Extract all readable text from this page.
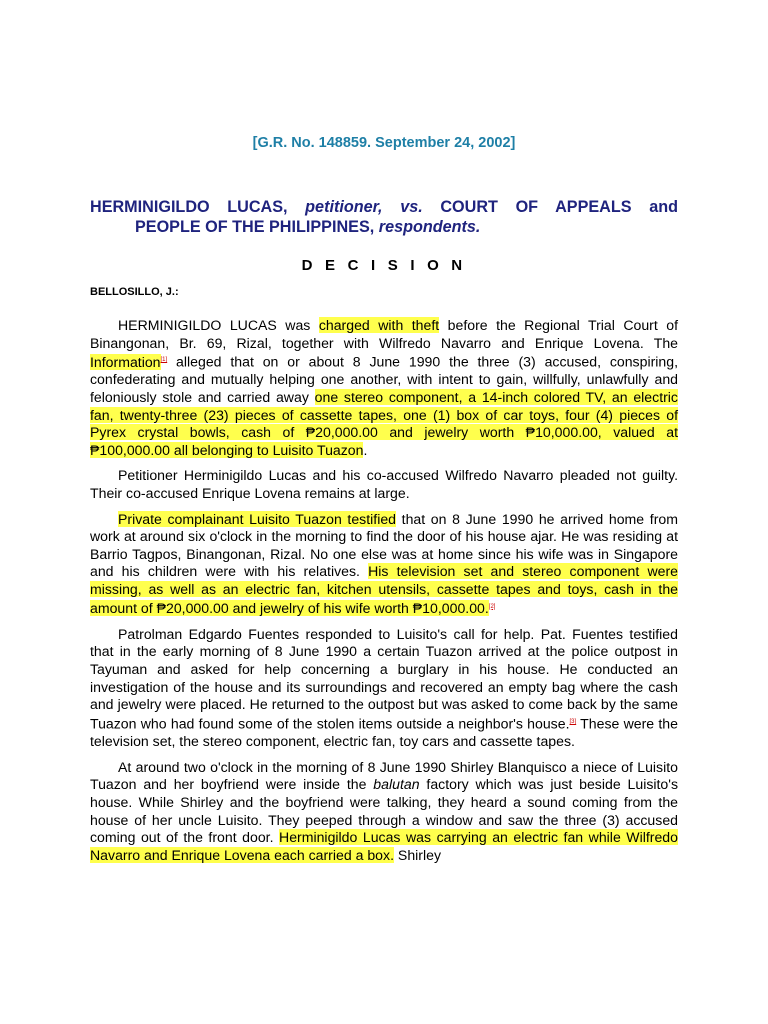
[G.R. No. 148859. September 24, 2002]
HERMINIGILDO LUCAS, petitioner, vs. COURT OF APPEALS and
PEOPLE OF THE PHILIPPINES, respondents.
D E C I S I O N
BELLOSILLO, J.:

HERMINIGILDO LUCAS was charged with theft before the Regional Trial Court of Binangonan, Br. 69, Rizal, together with Wilfredo Navarro and Enrique Lovena. The Information[1] alleged that on or about 8 June 1990 the three (3) accused, conspiring, confederating and mutually helping one another, with intent to gain, willfully, unlawfully and feloniously stole and carried away one stereo component, a 14-inch colored TV, an electric fan, twenty-three (23) pieces of cassette tapes, one (1) box of car toys, four (4) pieces of Pyrex crystal bowls, cash of ₱20,000.00 and jewelry worth ₱10,000.00, valued at ₱100,000.00 all belonging to Luisito Tuazon.

Petitioner Herminigildo Lucas and his co-accused Wilfredo Navarro pleaded not guilty. Their co-accused Enrique Lovena remains at large.

Private complainant Luisito Tuazon testified that on 8 June 1990 he arrived home from work at around six o'clock in the morning to find the door of his house ajar. He was residing at Barrio Tagpos, Binangonan, Rizal. No one else was at home since his wife was in Singapore and his children were with his relatives. His television set and stereo component were missing, as well as an electric fan, kitchen utensils, cassette tapes and toys, cash in the amount of ₱20,000.00 and jewelry of his wife worth ₱10,000.00.[2]

Patrolman Edgardo Fuentes responded to Luisito's call for help. Pat. Fuentes testified that in the early morning of 8 June 1990 a certain Tuazon arrived at the police outpost in Tayuman and asked for help concerning a burglary in his house. He conducted an investigation of the house and its surroundings and recovered an empty bag where the cash and jewelry were placed. He returned to the outpost but was asked to come back by the same Tuazon who had found some of the stolen items outside a neighbor's house.[3] These were the television set, the stereo component, electric fan, toy cars and cassette tapes.

At around two o'clock in the morning of 8 June 1990 Shirley Blanquisco a niece of Luisito Tuazon and her boyfriend were inside the balutan factory which was just beside Luisito's house. While Shirley and the boyfriend were talking, they heard a sound coming from the house of her uncle Luisito. They peeped through a window and saw the three (3) accused coming out of the front door. Herminigildo Lucas was carrying an electric fan while Wilfredo Navarro and Enrique Lovena each carried a box. Shirley
